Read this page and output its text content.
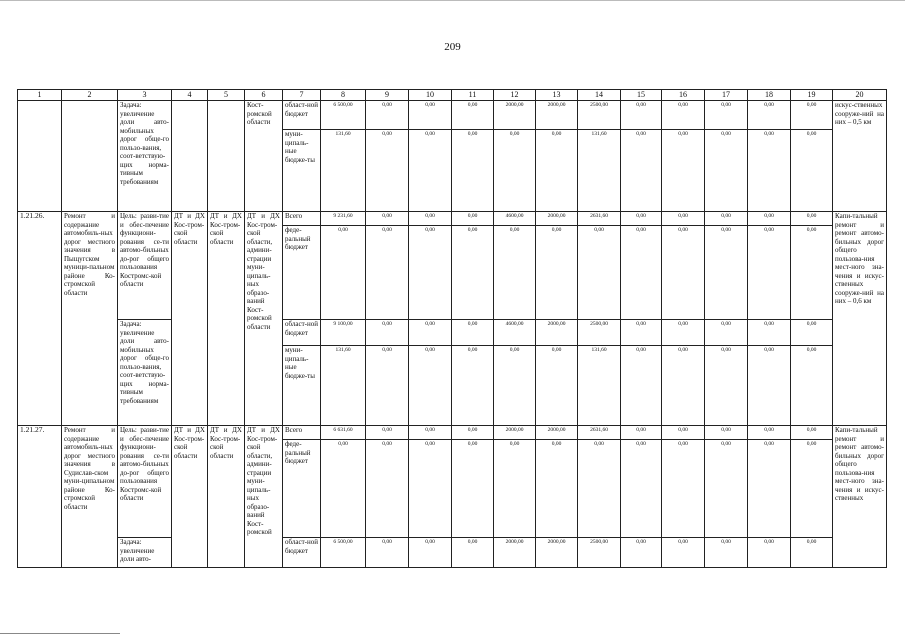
209
1	2	3	4	5	6	7	8	9	10	11	12	13	14	15	16	17	18	19	20
		Задача: увеличение доли авто-мобильных дорог обще-го пользо-вания, соот-ветствую-щих норма-тивным требованиям			Кост-ромской области	област-ной бюджет	6 500,00	0,00	0,00	0,00	2000,00	2000,00	2500,00	0,00	0,00	0,00	0,00	0,00	искус-ственных сооруже-ний на них – 0,5 км
						муни-ципаль-ные бюдже-ты	131,60	0,00	0,00	0,00	0,00	0,00	131,60	0,00	0,00	0,00	0,00	0,00	
1.21.26.	Ремонт и содержание автомобиль-ных дорог местного значения в Пыщугском муници-пальном районе Ко-стромской области	Цель: разви-тие и обес-печение функциони-рования се-ти автомо-бильных до-рог общего пользования Костромс-кой области	ДТ и ДХ Кос-тром-ской области	ДТ и ДХ Кос-тром-ской области	ДТ и ДХ Кос-тром-ской области, админи-страции муни-ципаль-ных образо-ваний Кост-ромской области	Всего	9 231,60	0,00	0,00	0,00	4600,00	2000,00	2631,60	0,00	0,00	0,00	0,00	0,00	Капи-тальный ремонт и ремонт автомо-бильных дорог общего пользова-ния мест-ного зна-чения и искус-ственных сооруже-ний на них – 0,6 км
						феде-ральный бюджет	0,00	0,00	0,00	0,00	0,00	0,00	0,00	0,00	0,00	0,00	0,00	0,00	
		Задача: увеличение доли авто-мобильных дорог обще-го пользо-вания, соот-ветствую-щих норма-тивным требованиям				област-ной бюджет	9 100,00	0,00	0,00	0,00	4600,00	2000,00	2500,00	0,00	0,00	0,00	0,00	0,00	
						муни-ципаль-ные бюдже-ты	131,60	0,00	0,00	0,00	0,00	0,00	131,60	0,00	0,00	0,00	0,00	0,00	
1.21.27.	Ремонт и содержание автомобиль-ных дорог местного значения в Судислав-ском муни-ципальном районе Ко-стромской области	Цель: разви-тие и обес-печение функциони-рования се-ти автомо-бильных до-рог общего пользования Костромс-кой области	ДТ и ДХ Кос-тром-ской области	ДТ и ДХ Кос-тром-ской области	ДТ и ДХ Кос-тром-ской области, админи-страции муни-ципаль-ных образо-ваний Кост-ромской	Всего	6 631,60	0,00	0,00	0,00	2000,00	2000,00	2631,60	0,00	0,00	0,00	0,00	0,00	Капи-тальный ремонт и ремонт автомо-бильных дорог общего пользова-ния мест-ного зна-чения и искус-ственных
						феде-ральный бюджет	0,00	0,00	0,00	0,00	0,00	0,00	0,00	0,00	0,00	0,00	0,00	0,00	
		Задача: увеличение доли авто-				област-ной бюджет	6 500,00	0,00	0,00	0,00	2000,00	2000,00	2500,00	0,00	0,00	0,00	0,00	0,00	
